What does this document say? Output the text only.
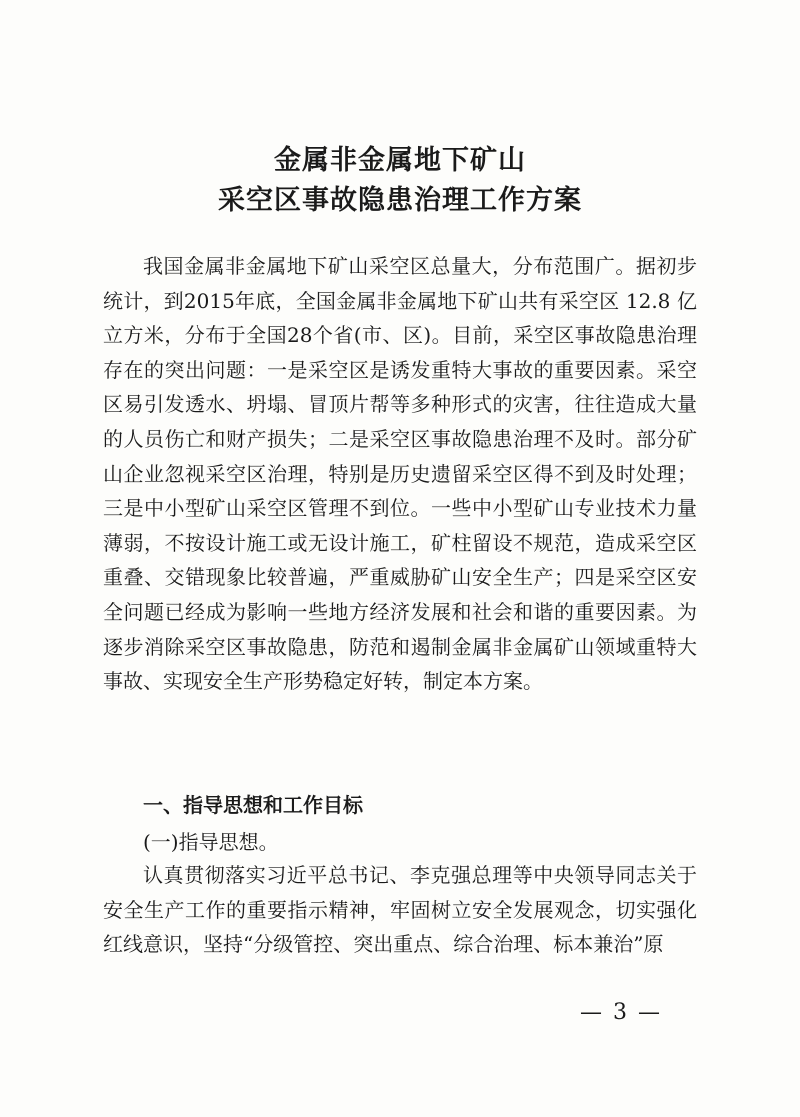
金属非金属地下矿山
采空区事故隐患治理工作方案

我国金属非金属地下矿山采空区总量大，分布范围广。据初步统计，到2015年底，全国金属非金属地下矿山共有采空区 12.8 亿立方米，分布于全国28个省(市、区)。目前，采空区事故隐患治理存在的突出问题：一是采空区是诱发重特大事故的重要因素。采空区易引发透水、坍塌、冒顶片帮等多种形式的灾害，往往造成大量的人员伤亡和财产损失；二是采空区事故隐患治理不及时。部分矿山企业忽视采空区治理，特别是历史遗留采空区得不到及时处理；三是中小型矿山采空区管理不到位。一些中小型矿山专业技术力量薄弱，不按设计施工或无设计施工，矿柱留设不规范，造成采空区重叠、交错现象比较普遍，严重威胁矿山安全生产；四是采空区安全问题已经成为影响一些地方经济发展和社会和谐的重要因素。为逐步消除采空区事故隐患，防范和遏制金属非金属矿山领域重特大事故、实现安全生产形势稳定好转，制定本方案。

一、指导思想和工作目标

(一)指导思想。

认真贯彻落实习近平总书记、李克强总理等中央领导同志关于安全生产工作的重要指示精神，牢固树立安全发展观念，切实强化红线意识，坚持“分级管控、突出重点、综合治理、标本兼治”原

— 3 —
